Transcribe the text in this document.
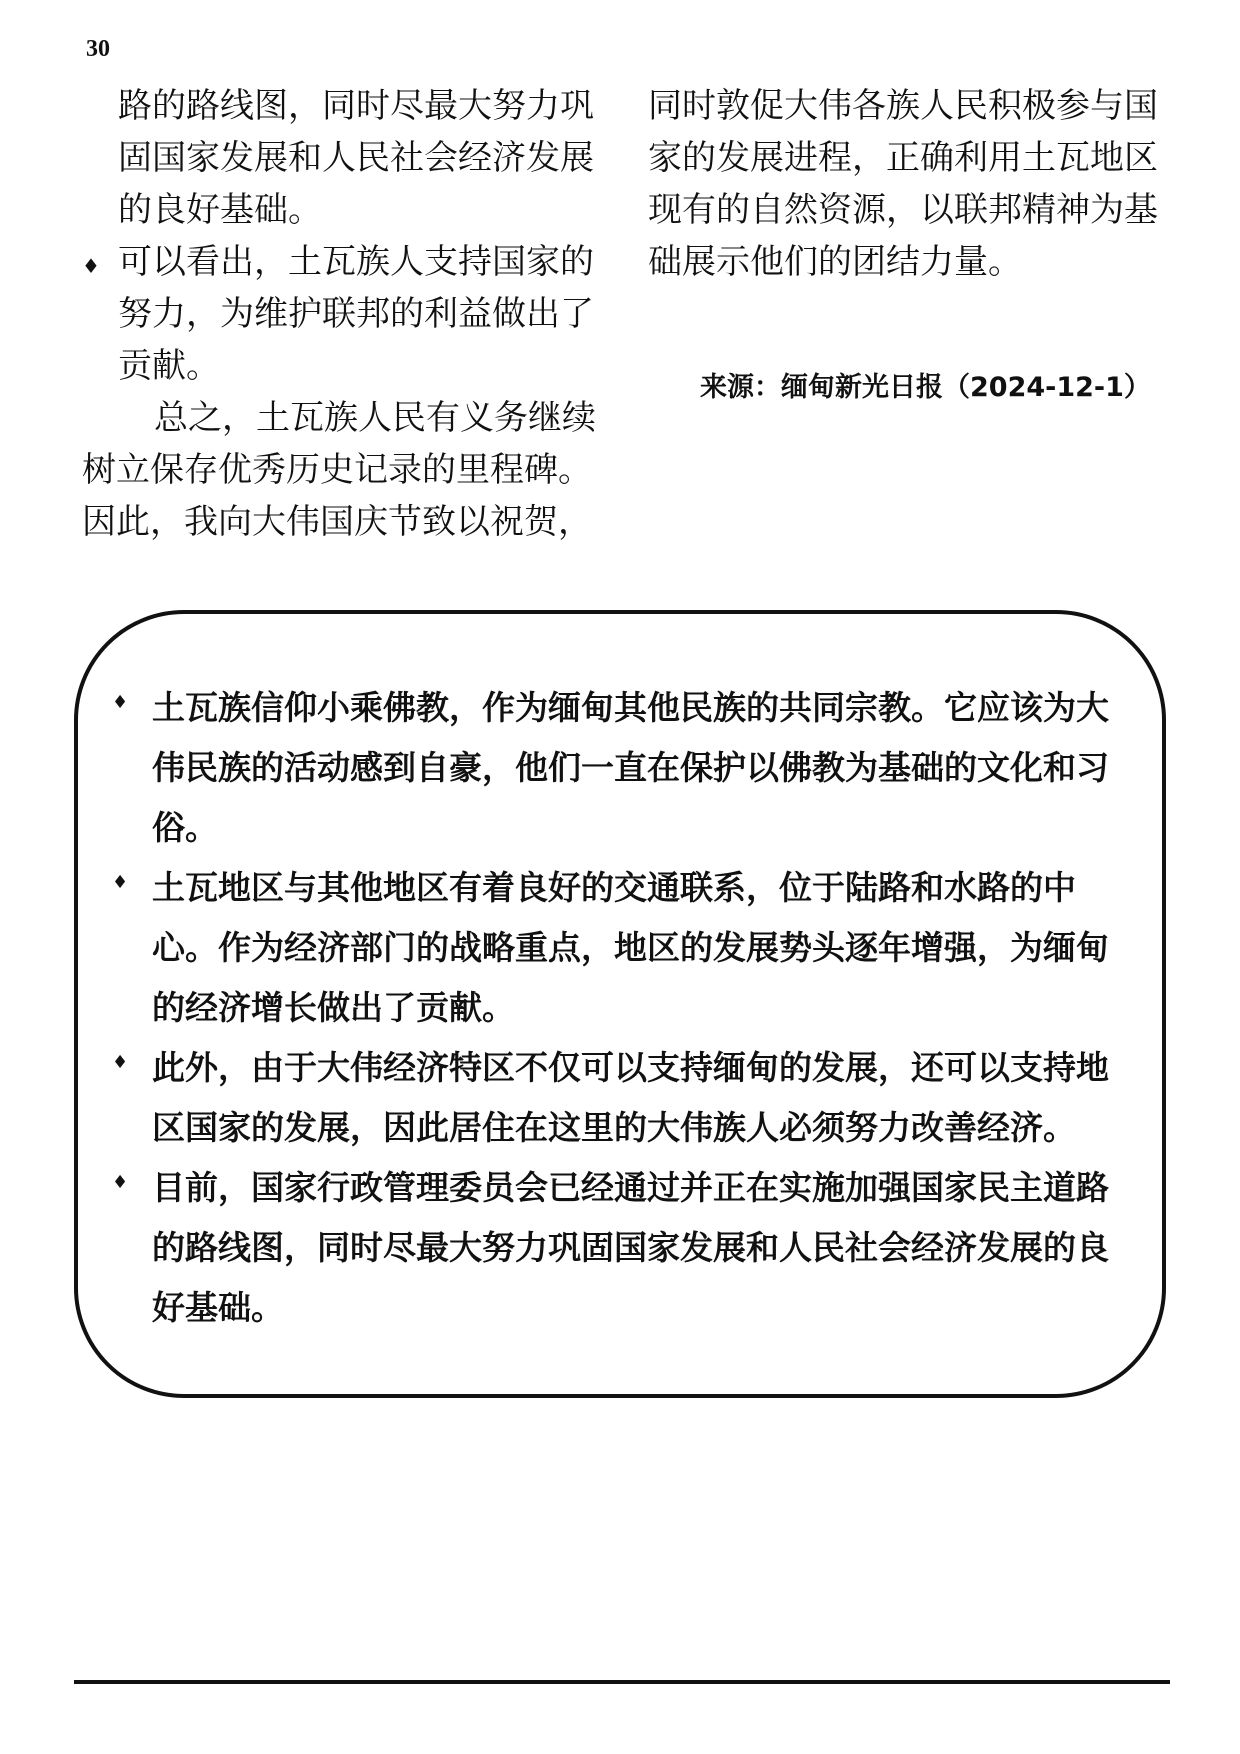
30
路的路线图，同时尽最大努力巩
固国家发展和人民社会经济发展
的良好基础。
♦ 可以看出，土瓦族人支持国家的
努力，为维护联邦的利益做出了
贡献。
总之，土瓦族人民有义务继续
树立保存优秀历史记录的里程碑。
因此，我向大伟国庆节致以祝贺，
同时敦促大伟各族人民积极参与国
家的发展进程，正确利用土瓦地区
现有的自然资源，以联邦精神为基
础展示他们的团结力量。
来源：缅甸新光日报（2024-12-1）
♦ 土瓦族信仰小乘佛教，作为缅甸其他民族的共同宗教。它应该为大
伟民族的活动感到自豪，他们一直在保护以佛教为基础的文化和习
俗。
♦ 土瓦地区与其他地区有着良好的交通联系，位于陆路和水路的中
心。作为经济部门的战略重点，地区的发展势头逐年增强，为缅甸
的经济增长做出了贡献。
♦ 此外，由于大伟经济特区不仅可以支持缅甸的发展，还可以支持地
区国家的发展，因此居住在这里的大伟族人必须努力改善经济。
♦ 目前，国家行政管理委员会已经通过并正在实施加强国家民主道路
的路线图，同时尽最大努力巩固国家发展和人民社会经济发展的良
好基础。
